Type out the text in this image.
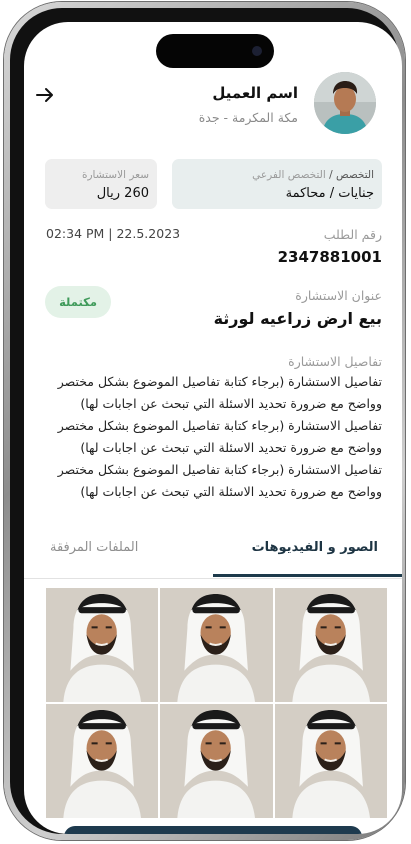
اسم العميل
مكة المكرمة - جدة
التخصص / التخصص الفرعي
جنايات / محاكمة
سعر الاستشارة
260 ريال
رقم الطلب
2347881001
02:34 PM | 22.5.2023
مكتملة	عنوان الاستشارة
بيع ارض زراعيه لورثة
تفاصيل الاستشارة
تفاصيل الاستشارة (برجاء كتابة تفاصيل الموضوع بشكل مختصر وواضح مع ضرورة تحديد الاسئلة التي تبحث عن اجابات لها) تفاصيل الاستشارة (برجاء كتابة تفاصيل الموضوع بشكل مختصر وواضح مع ضرورة تحديد الاسئلة التي تبحث عن اجابات لها) تفاصيل الاستشارة (برجاء كتابة تفاصيل الموضوع بشكل مختصر وواضح مع ضرورة تحديد الاسئلة التي تبحث عن اجابات لها)
الصور و الفيديوهات
الملفات المرفقة
